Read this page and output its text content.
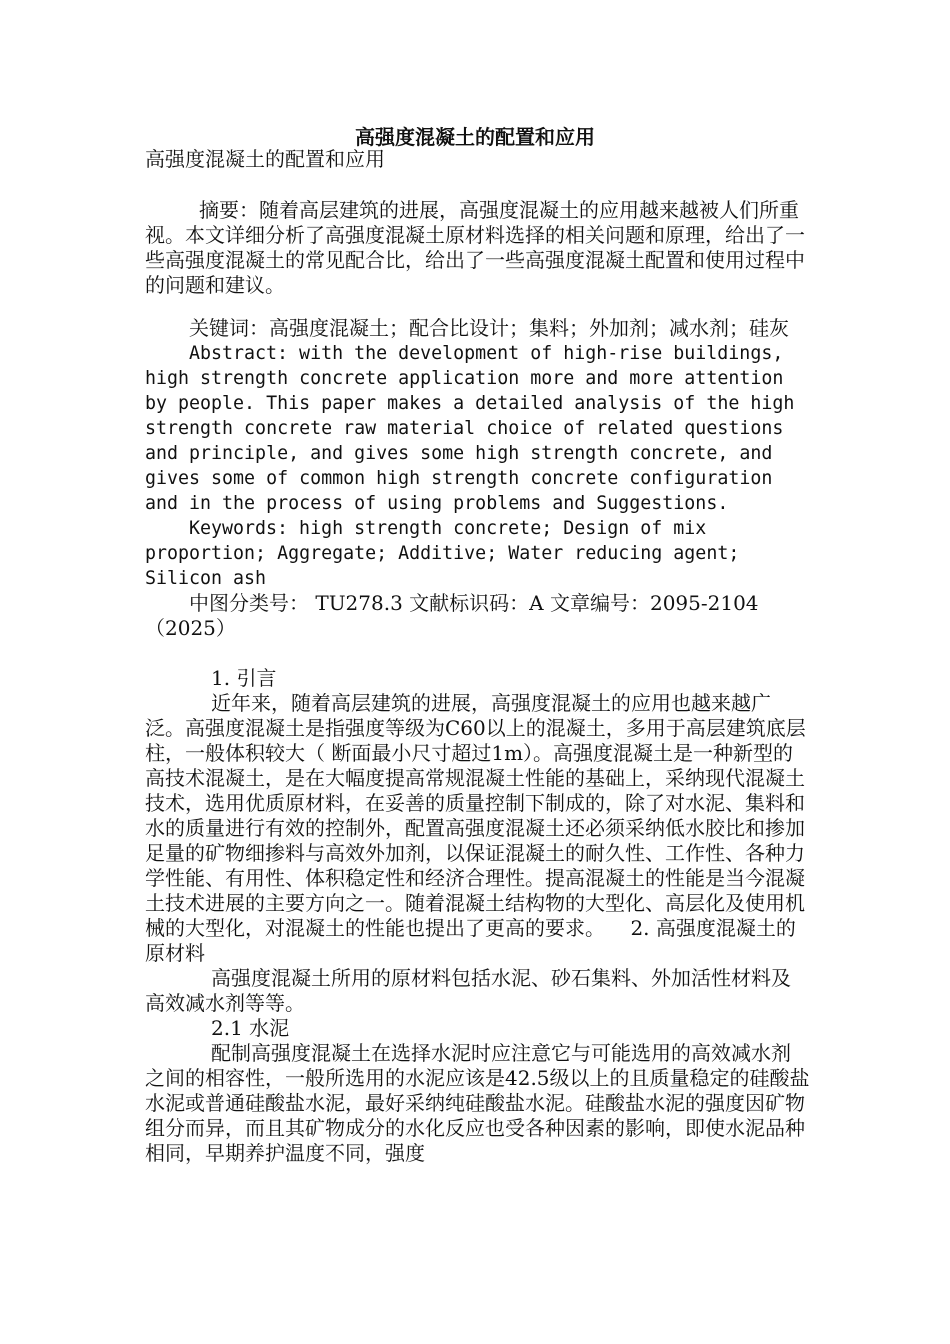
高强度混凝土的配置和应用

高强度混凝土的配置和应用

摘要：随着高层建筑的进展，高强度混凝土的应用越来越被人们所重视。本文详细分析了高强度混凝土原材料选择的相关问题和原理，给出了一些高强度混凝土的常见配合比，给出了一些高强度混凝土配置和使用过程中的问题和建议。

关键词：高强度混凝土；配合比设计；集料；外加剂；减水剂；硅灰

Abstract: with the development of high-rise buildings, high strength concrete application more and more attention by people. This paper makes a detailed analysis of the high strength concrete raw material choice of related questions and principle, and gives some high strength concrete, and gives some of common high strength concrete configuration and in the process of using problems and Suggestions.

Keywords: high strength concrete; Design of mix proportion; Aggregate; Additive; Water reducing agent; Silicon ash

中图分类号： TU278.3 文献标识码：A 文章编号：2095-2104（2025）

1. 引言

近年来，随着高层建筑的进展，高强度混凝土的应用也越来越广泛。高强度混凝土是指强度等级为C60以上的混凝土，多用于高层建筑底层柱，一般体积较大（ 断面最小尺寸超过1m）。高强度混凝土是一种新型的高技术混凝土，是在大幅度提高常规混凝土性能的基础上，采纳现代混凝土技术，选用优质原材料，在妥善的质量控制下制成的，除了对水泥、集料和水的质量进行有效的控制外，配置高强度混凝土还必须采纳低水胶比和掺加足量的矿物细掺料与高效外加剂，以保证混凝土的耐久性、工作性、各种力学性能、有用性、体积稳定性和经济合理性。提高混凝土的性能是当今混凝土技术进展的主要方向之一。随着混凝土结构物的大型化、高层化及使用机械的大型化，对混凝土的性能也提出了更高的要求。 2. 高强度混凝土的原材料

高强度混凝土所用的原材料包括水泥、砂石集料、外加活性材料及高效减水剂等等。

2.1 水泥

配制高强度混凝土在选择水泥时应注意它与可能选用的高效减水剂之间的相容性，一般所选用的水泥应该是42.5级以上的且质量稳定的硅酸盐水泥或普通硅酸盐水泥，最好采纳纯硅酸盐水泥。硅酸盐水泥的强度因矿物组分而异，而且其矿物成分的水化反应也受各种因素的影响，即使水泥品种相同，早期养护温度不同，强度
